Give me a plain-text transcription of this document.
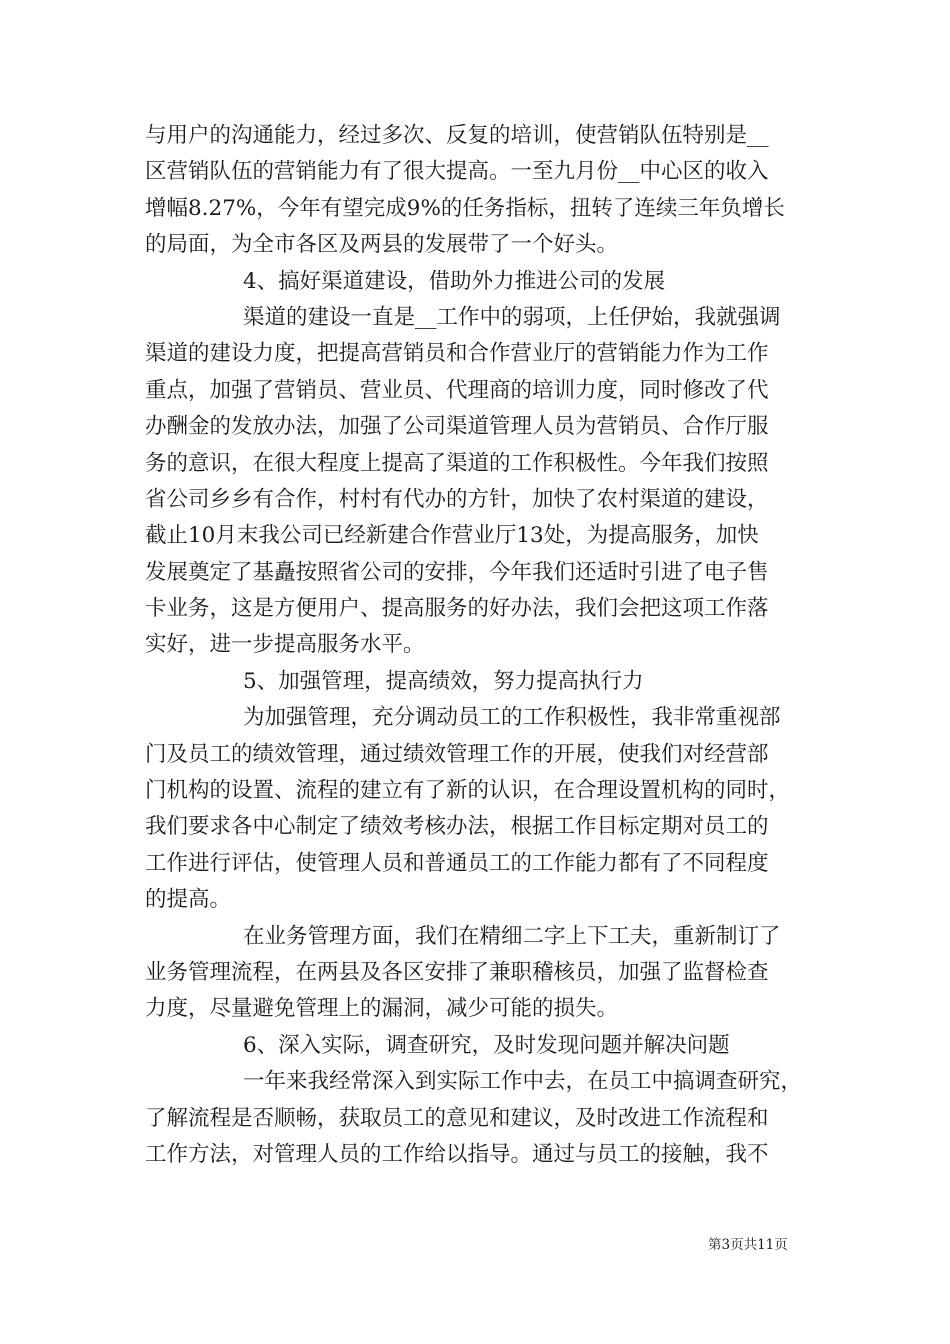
与用户的沟通能力，经过多次、反复的培训，使营销队伍特别是__
区营销队伍的营销能力有了很大提高。一至九月份__中心区的收入
增幅8.27%，今年有望完成9%的任务指标，扭转了连续三年负增长
的局面，为全市各区及两县的发展带了一个好头。
4、搞好渠道建设，借助外力推进公司的发展
渠道的建设一直是__工作中的弱项，上任伊始，我就强调
渠道的建设力度，把提高营销员和合作营业厅的营销能力作为工作
重点，加强了营销员、营业员、代理商的培训力度，同时修改了代
办酬金的发放办法，加强了公司渠道管理人员为营销员、合作厅服
务的意识，在很大程度上提高了渠道的工作积极性。今年我们按照
省公司乡乡有合作，村村有代办的方针，加快了农村渠道的建设，
截止10月末我公司已经新建合作营业厅13处，为提高服务，加快
发展奠定了基矗按照省公司的安排，今年我们还适时引进了电子售
卡业务，这是方便用户、提高服务的好办法，我们会把这项工作落
实好，进一步提高服务水平。
5、加强管理，提高绩效，努力提高执行力
为加强管理，充分调动员工的工作积极性，我非常重视部
门及员工的绩效管理，通过绩效管理工作的开展，使我们对经营部
门机构的设置、流程的建立有了新的认识，在合理设置机构的同时，
我们要求各中心制定了绩效考核办法，根据工作目标定期对员工的
工作进行评估，使管理人员和普通员工的工作能力都有了不同程度
的提高。
在业务管理方面，我们在精细二字上下工夫，重新制订了
业务管理流程，在两县及各区安排了兼职稽核员，加强了监督检查
力度，尽量避免管理上的漏洞，减少可能的损失。
6、深入实际，调查研究，及时发现问题并解决问题
一年来我经常深入到实际工作中去，在员工中搞调查研究，
了解流程是否顺畅，获取员工的意见和建议，及时改进工作流程和
工作方法，对管理人员的工作给以指导。通过与员工的接触，我不
第3页共11页
